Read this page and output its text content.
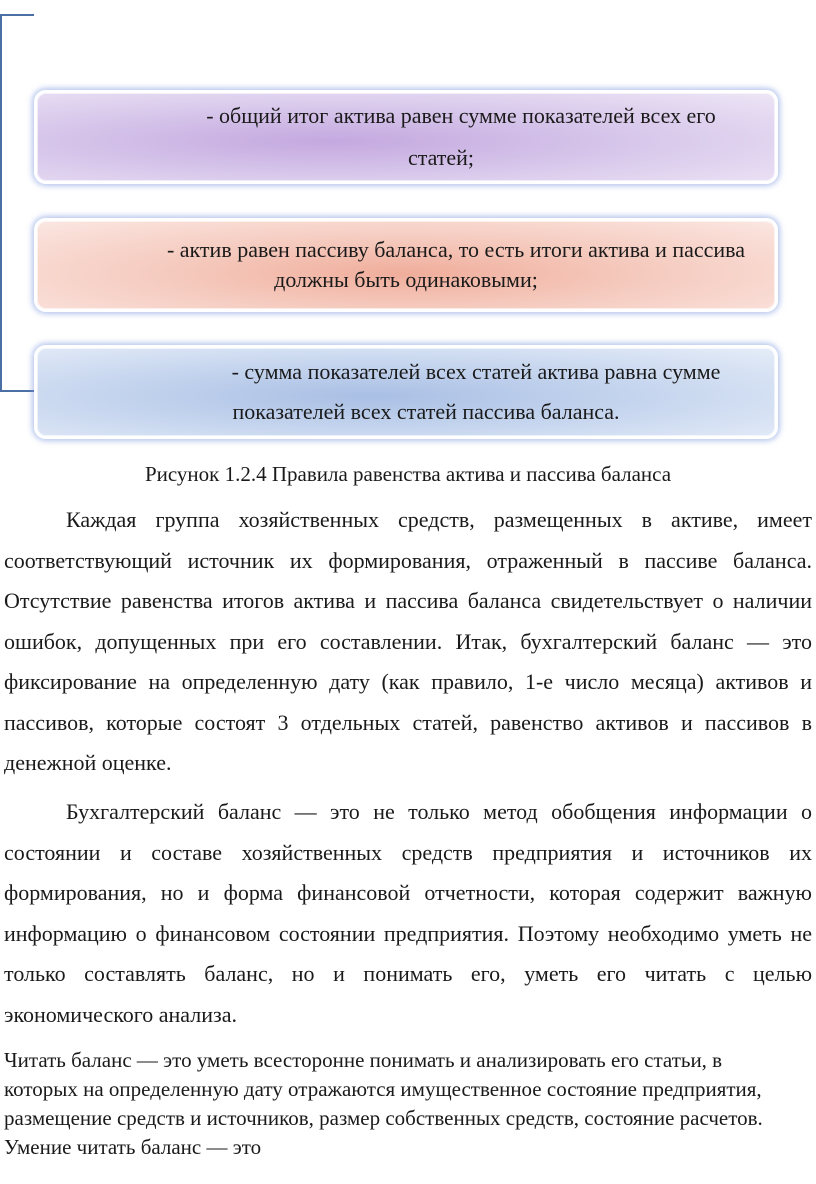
- общий итог актива равен сумме показателей всех его
статей;
- актив равен пассиву баланса, то есть итоги актива и пассива
должны быть одинаковыми;
- сумма показателей всех статей актива равна сумме
показателей всех статей пассива баланса.
Рисунок 1.2.4 Правила равенства актива и пассива баланса

Каждая группа хозяйственных средств, размещенных в активе, имеет соответствующий источник их формирования, отраженный в пассиве баланса. Отсутствие равенства итогов актива и пассива баланса свидетельствует о наличии ошибок, допущенных при его составлении. Итак, бухгалтерский баланс — это фиксирование на определенную дату (как правило, 1-е число месяца) активов и пассивов, которые состоят 3 отдельных статей, равенство активов и пассивов в денежной оценке.

Бухгалтерский баланс — это не только метод обобщения информации о состоянии и составе хозяйственных средств предприятия и источников их формирования, но и форма финансовой отчетности, которая содержит важную информацию о финансовом состоянии предприятия. Поэтому необходимо уметь не только составлять баланс, но и понимать его, уметь его читать с целью экономического анализа.

Читать баланс — это уметь всесторонне понимать и анализировать его статьи, в которых на определенную дату отражаются имущественное состояние предприятия, размещение средств и источников, размер собственных средств, состояние расчетов. Умение читать баланс — это
